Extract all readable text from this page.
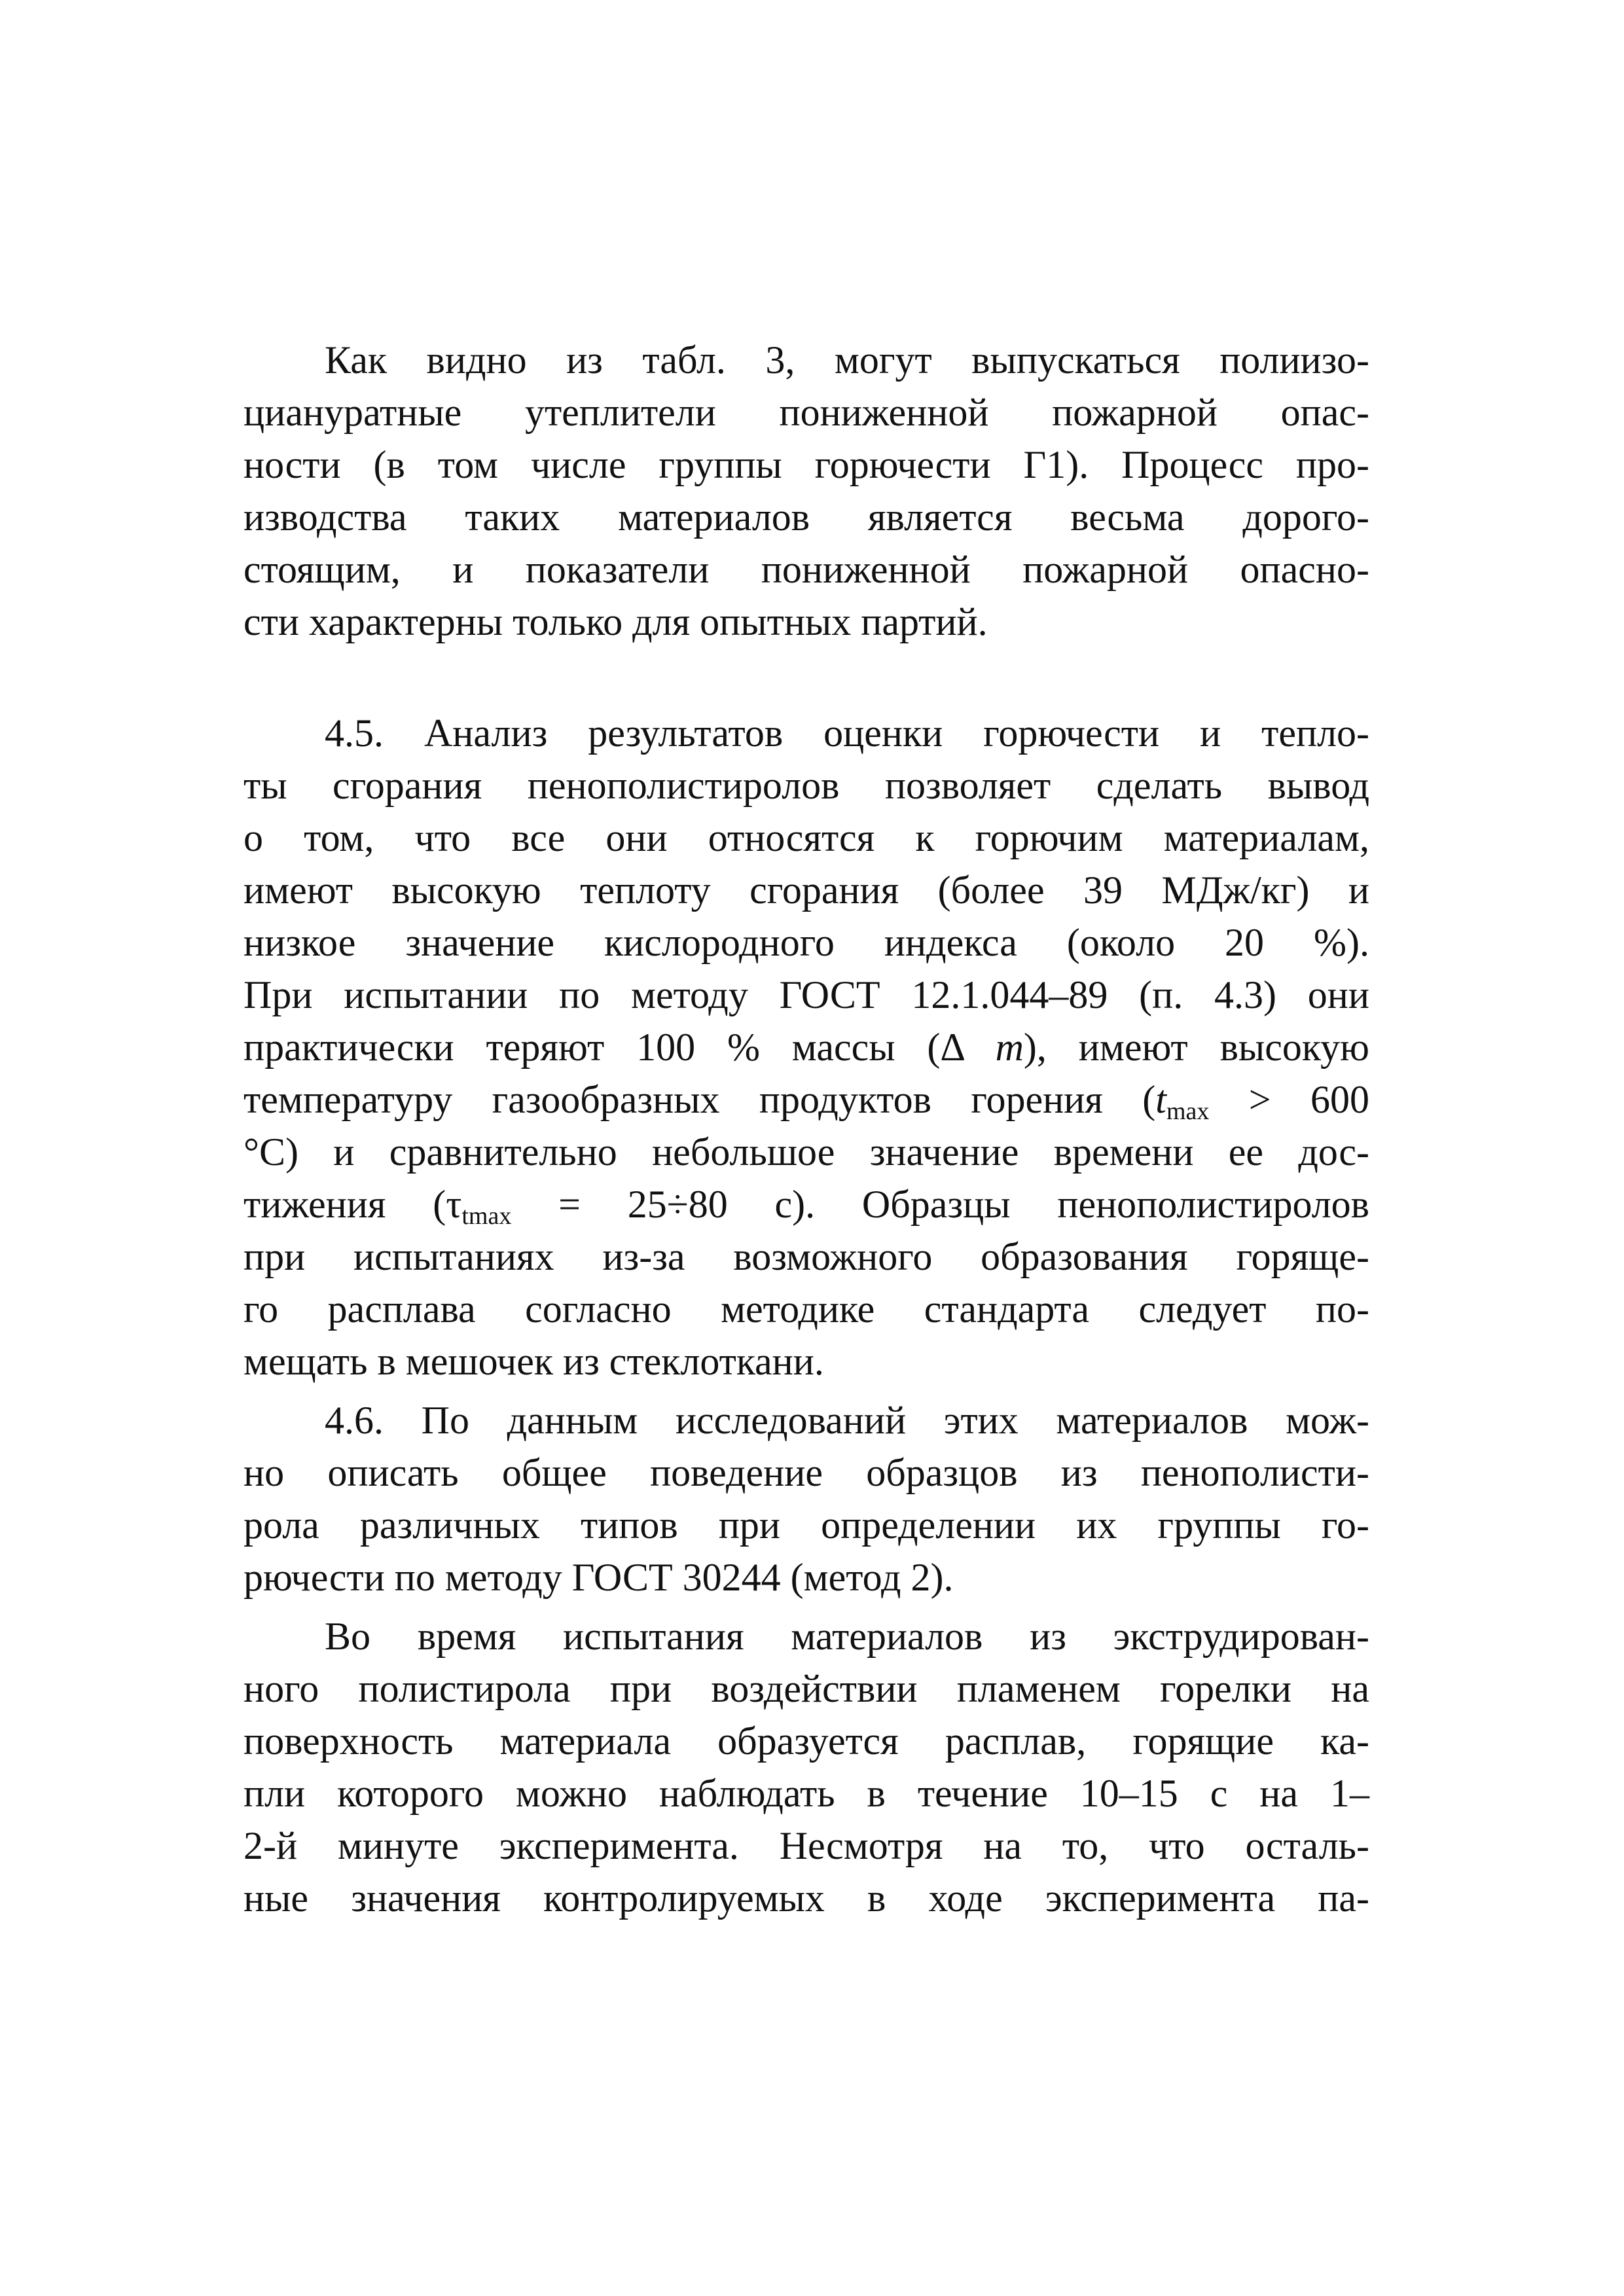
Как видно из табл. 3, могут выпускаться полиизо-
циануратные утеплители пониженной пожарной опас-
ности (в том числе группы горючести Г1). Процесс про-
изводства таких материалов является весьма дорого-
стоящим, и показатели пониженной пожарной опасно-
сти характерны только для опытных партий.
4.5. Анализ результатов оценки горючести и тепло-
ты сгорания пенополистиролов позволяет сделать вывод
о том, что все они относятся к горючим материалам,
имеют высокую теплоту сгорания (более 39 МДж/кг) и
низкое значение кислородного индекса (около 20 %).
При испытании по методу ГОСТ 12.1.044–89 (п. 4.3) они
практически теряют 100 % массы (Δ m), имеют высокую
температуру газообразных продуктов горения ($t_{max} > 600$
°С) и сравнительно небольшое значение времени ее дос-
тижения ($\tau_{tmax} = 25\div 80$ с). Образцы пенополистиролов
при испытаниях из-за возможного образования горяще-
го расплава согласно методике стандарта следует по-
мещать в мешочек из стеклоткани.
4.6. По данным исследований этих материалов мож-
но описать общее поведение образцов из пенополисти-
рола различных типов при определении их группы го-
рючести по методу ГОСТ 30244 (метод 2).
Во время испытания материалов из экструдирован-
ного полистирола при воздействии пламенем горелки на
поверхность материала образуется расплав, горящие ка-
пли которого можно наблюдать в течение 10–15 с на 1–
2-й минуте эксперимента. Несмотря на то, что осталь-
ные значения контролируемых в ходе эксперимента па-
